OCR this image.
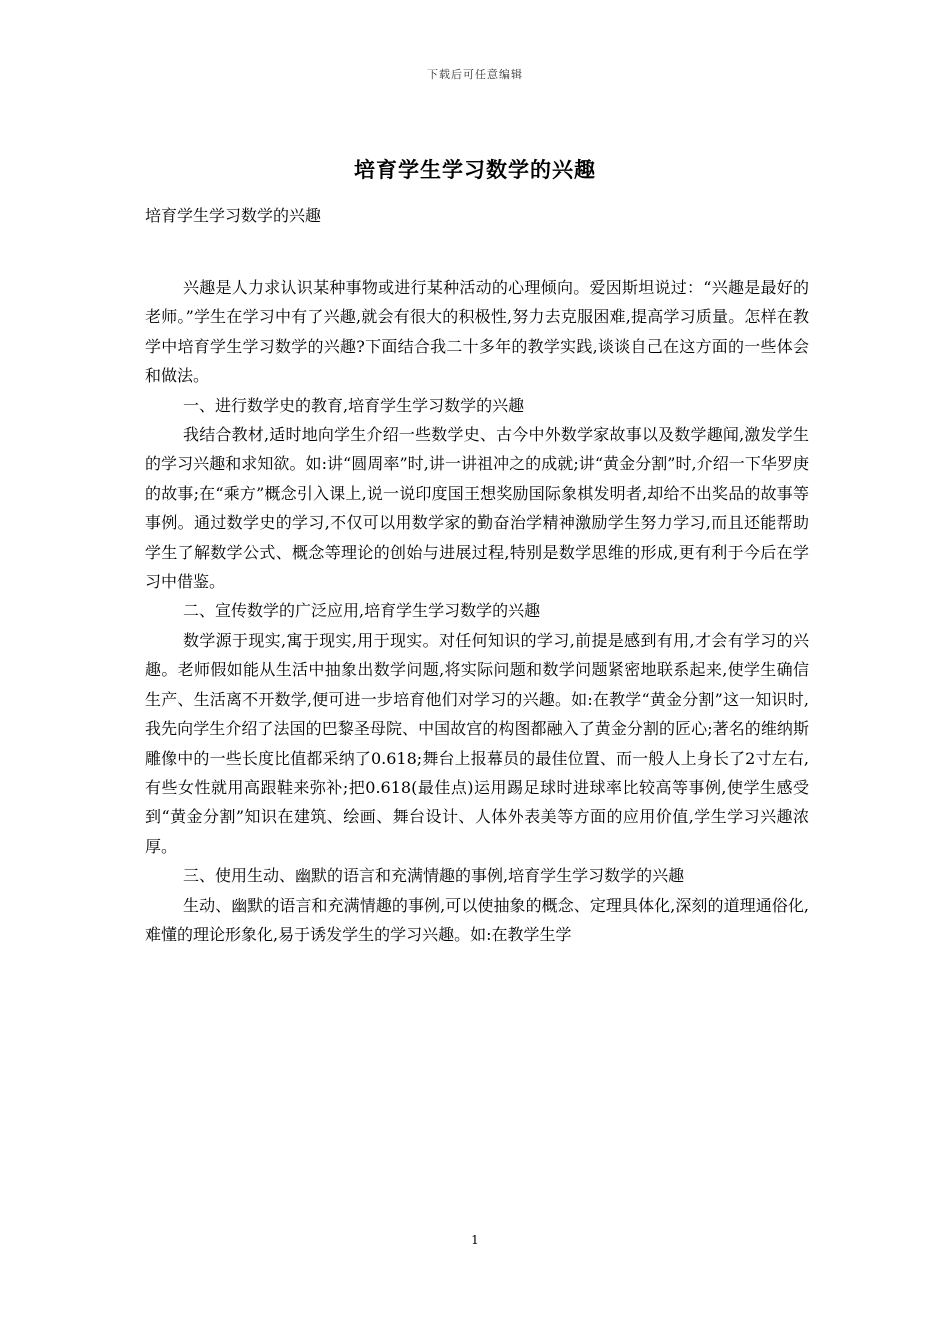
下载后可任意编辑
培育学生学习数学的兴趣
培育学生学习数学的兴趣

兴趣是人力求认识某种事物或进行某种活动的心理倾向。爱因斯坦说过：“兴趣是最好的老师。”学生在学习中有了兴趣,就会有很大的积极性,努力去克服困难,提高学习质量。怎样在教学中培育学生学习数学的兴趣?下面结合我二十多年的教学实践,谈谈自己在这方面的一些体会和做法。

一、进行数学史的教育,培育学生学习数学的兴趣

我结合教材,适时地向学生介绍一些数学史、古今中外数学家故事以及数学趣闻,激发学生的学习兴趣和求知欲。如:讲“圆周率”时,讲一讲祖冲之的成就;讲“黄金分割”时,介绍一下华罗庚的故事;在“乘方”概念引入课上,说一说印度国王想奖励国际象棋发明者,却给不出奖品的故事等事例。通过数学史的学习,不仅可以用数学家的勤奋治学精神激励学生努力学习,而且还能帮助学生了解数学公式、概念等理论的创始与进展过程,特别是数学思维的形成,更有利于今后在学习中借鉴。

二、宣传数学的广泛应用,培育学生学习数学的兴趣

数学源于现实,寓于现实,用于现实。对任何知识的学习,前提是感到有用,才会有学习的兴趣。老师假如能从生活中抽象出数学问题,将实际问题和数学问题紧密地联系起来,使学生确信生产、生活离不开数学,便可进一步培育他们对学习的兴趣。如:在教学“黄金分割”这一知识时,我先向学生介绍了法国的巴黎圣母院、中国故宫的构图都融入了黄金分割的匠心;著名的维纳斯雕像中的一些长度比值都采纳了0.618;舞台上报幕员的最佳位置、而一般人上身长了2寸左右,有些女性就用高跟鞋来弥补;把0.618(最佳点)运用踢足球时进球率比较高等事例,使学生感受到“黄金分割”知识在建筑、绘画、舞台设计、人体外表美等方面的应用价值,学生学习兴趣浓厚。

三、使用生动、幽默的语言和充满情趣的事例,培育学生学习数学的兴趣

生动、幽默的语言和充满情趣的事例,可以使抽象的概念、定理具体化,深刻的道理通俗化,难懂的理论形象化,易于诱发学生的学习兴趣。如:在教学生学

1
